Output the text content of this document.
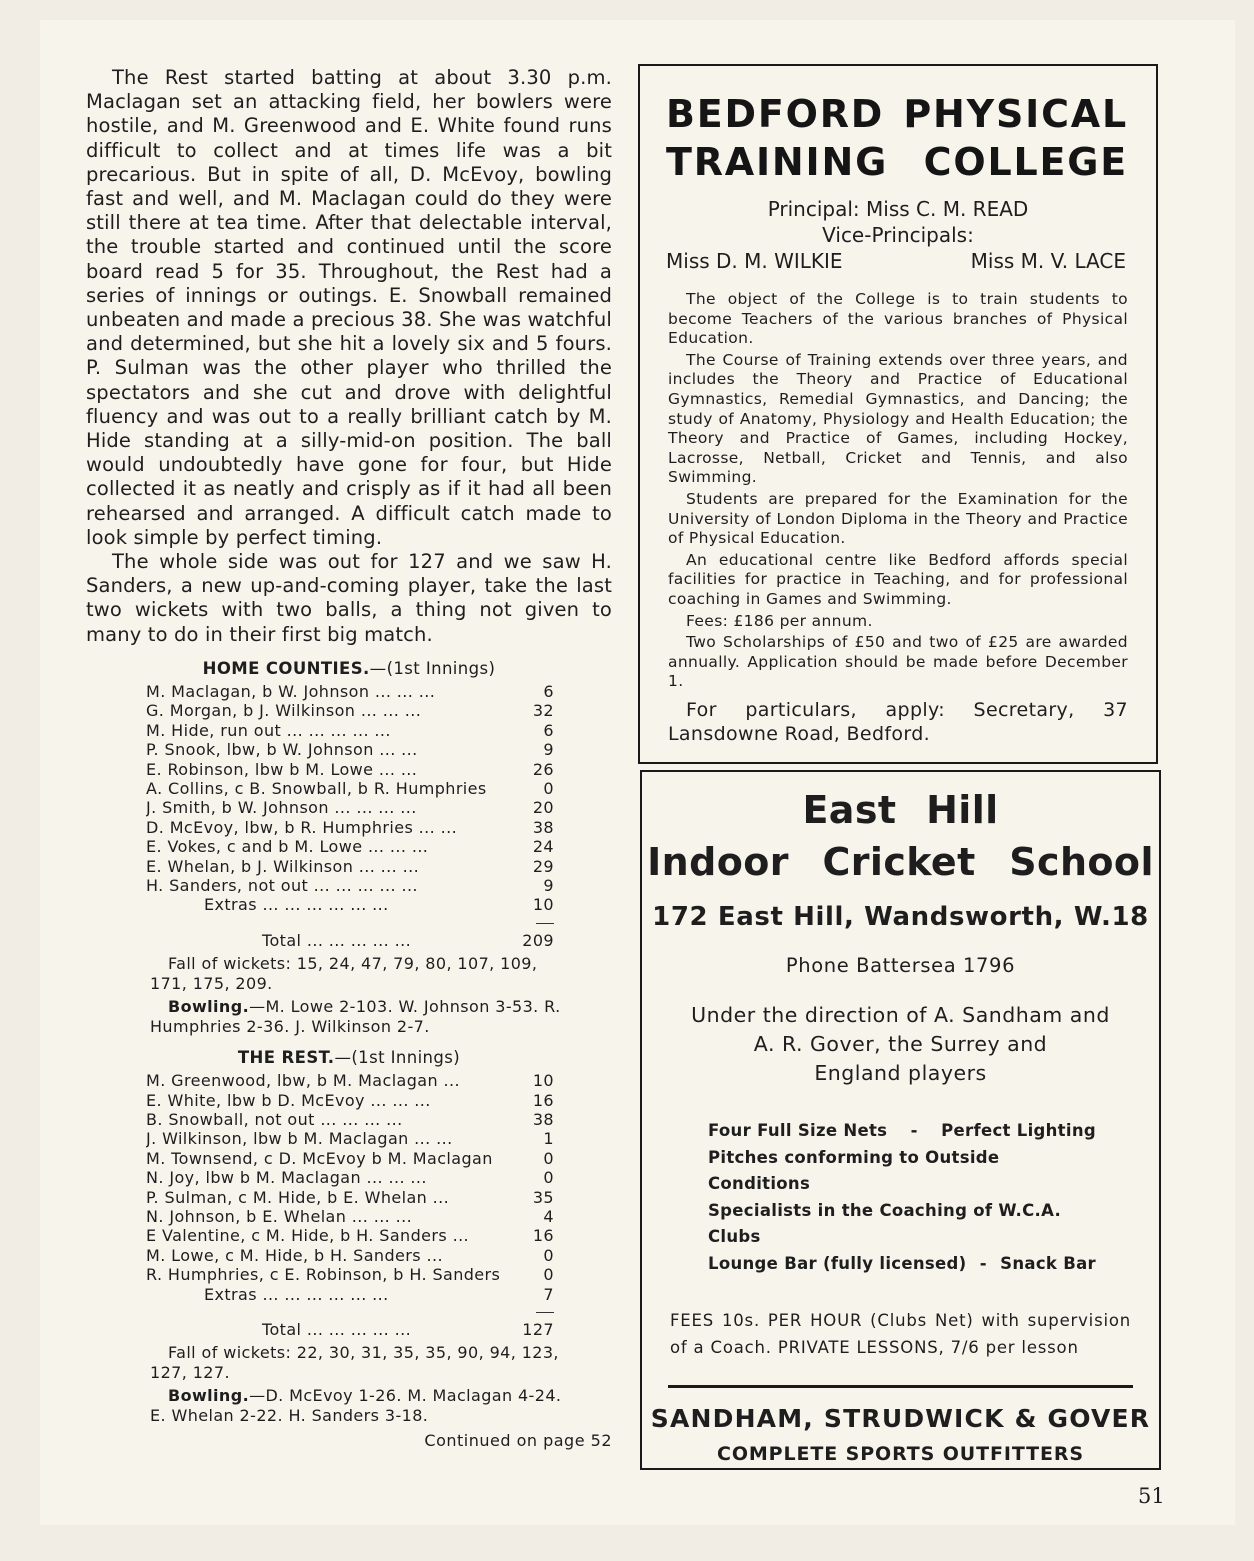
The Rest started batting at about 3.30 p.m. Maclagan set an attacking field, her bowlers were hostile, and M. Greenwood and E. White found runs difficult to collect and at times life was a bit precarious. But in spite of all, D. McEvoy, bowling fast and well, and M. Maclagan could do they were still there at tea time. After that delectable interval, the trouble started and continued until the score board read 5 for 35. Throughout, the Rest had a series of innings or outings. E. Snowball remained unbeaten and made a precious 38. She was watchful and determined, but she hit a lovely six and 5 fours. P. Sulman was the other player who thrilled the spectators and she cut and drove with delightful fluency and was out to a really brilliant catch by M. Hide standing at a silly-mid-on position. The ball would undoubtedly have gone for four, but Hide collected it as neatly and crisply as if it had all been rehearsed and arranged. A difficult catch made to look simple by perfect timing.

The whole side was out for 127 and we saw H. Sanders, a new up-and-coming player, take the last two wickets with two balls, a thing not given to many to do in their first big match.

HOME COUNTIES.—(1st Innings)
M. Maclagan, b W. Johnson ... ... ...	6
G. Morgan, b J. Wilkinson ... ... ...	32
M. Hide, run out ... ... ... ... ...	6
P. Snook, lbw, b W. Johnson ... ...	9
E. Robinson, lbw b M. Lowe ... ...	26
A. Collins, c B. Snowball, b R. Humphries	0
J. Smith, b W. Johnson ... ... ... ...	20
D. McEvoy, lbw, b R. Humphries ... ...	38
E. Vokes, c and b M. Lowe ... ... ...	24
E. Whelan, b J. Wilkinson ... ... ...	29
H. Sanders, not out ... ... ... ... ...	9
Extras ... ... ... ... ... ...	10
Total ... ... ... ... ...	209
Fall of wickets: 15, 24, 47, 79, 80, 107, 109, 171, 175, 209.
Bowling.—M. Lowe 2-103. W. Johnson 3-53. R. Humphries 2-36. J. Wilkinson 2-7.
THE REST.—(1st Innings)
M. Greenwood, lbw, b M. Maclagan ...	10
E. White, lbw b D. McEvoy ... ... ...	16
B. Snowball, not out ... ... ... ...	38
J. Wilkinson, lbw b M. Maclagan ... ...	1
M. Townsend, c D. McEvoy b M. Maclagan	0
N. Joy, lbw b M. Maclagan ... ... ...	0
P. Sulman, c M. Hide, b E. Whelan ...	35
N. Johnson, b E. Whelan ... ... ...	4
E Valentine, c M. Hide, b H. Sanders ...	16
M. Lowe, c M. Hide, b H. Sanders ...	0
R. Humphries, c E. Robinson, b H. Sanders	0
Extras ... ... ... ... ... ...	7
Total ... ... ... ... ...	127
Fall of wickets: 22, 30, 31, 35, 35, 90, 94, 123, 127, 127.
Bowling.—D. McEvoy 1-26. M. Maclagan 4-24. E. Whelan 2-22. H. Sanders 3-18.
Continued on page 52
BEDFORD PHYSICAL
TRAINING COLLEGE
Principal: Miss C. M. READ
Vice-Principals:
Miss D. M. WILKIE	Miss M. V. LACE

The object of the College is to train students to become Teachers of the various branches of Physical Education.

The Course of Training extends over three years, and includes the Theory and Practice of Educational Gymnastics, Remedial Gymnastics, and Dancing; the study of Anatomy, Physiology and Health Education; the Theory and Practice of Games, including Hockey, Lacrosse, Netball, Cricket and Tennis, and also Swimming.

Students are prepared for the Examination for the University of London Diploma in the Theory and Practice of Physical Education.

An educational centre like Bedford affords special facilities for practice in Teaching, and for professional coaching in Games and Swimming.

Fees: £186 per annum.

Two Scholarships of £50 and two of £25 are awarded annually. Application should be made before December 1.

For particulars, apply: Secretary, 37 Lansdowne Road, Bedford.

East Hill
Indoor Cricket School
172 East Hill, Wandsworth, W.18
Phone Battersea 1796
Under the direction of A. Sandham and
A. R. Gover, the Surrey and
England players
Four Full Size Nets - Perfect Lighting
Pitches conforming to Outside Conditions
Specialists in the Coaching of W.C.A. Clubs
Lounge Bar (fully licensed) - Snack Bar
FEES 10s. PER HOUR (Clubs Net) with supervision of a Coach. PRIVATE LESSONS, 7/6 per lesson
SANDHAM, STRUDWICK & GOVER
COMPLETE SPORTS OUTFITTERS
51
